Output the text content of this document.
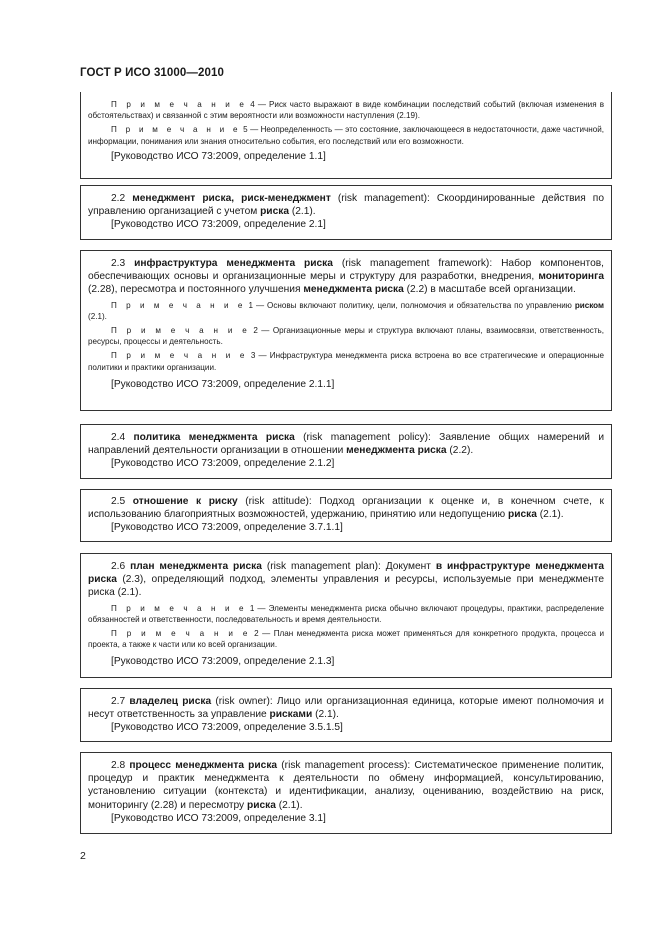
ГОСТ Р ИСО 31000—2010

П р и м е ч а н и е 4 — Риск часто выражают в виде комбинации последствий событий (включая изменения в обстоятельствах) и связанной с этим вероятности или возможности наступления (2.19).

П р и м е ч а н и е 5 — Неопределенность — это состояние, заключающееся в недостаточности, даже частичной, информации, понимания или знания относительно события, его последствий или его возможности.

[Руководство ИСО 73:2009, определение 1.1]

2.2 менеджмент риска, риск-менеджмент (risk management): Скоординированные действия по управлению организацией с учетом риска (2.1).

[Руководство ИСО 73:2009, определение 2.1]

2.3 инфраструктура менеджмента риска (risk management framework): Набор компонентов, обеспечивающих основы и организационные меры и структуру для разработки, внедрения, мониторинга (2.28), пересмотра и постоянного улучшения менеджмента риска (2.2) в масштабе всей организации.

П р и м е ч а н и е 1 — Основы включают политику, цели, полномочия и обязательства по управлению риском (2.1).

П р и м е ч а н и е 2 — Организационные меры и структура включают планы, взаимосвязи, ответственность, ресурсы, процессы и деятельность.

П р и м е ч а н и е 3 — Инфраструктура менеджмента риска встроена во все стратегические и операционные политики и практики организации.

[Руководство ИСО 73:2009, определение 2.1.1]

2.4 политика менеджмента риска (risk management policy): Заявление общих намерений и направлений деятельности организации в отношении менеджмента риска (2.2).

[Руководство ИСО 73:2009, определение 2.1.2]

2.5 отношение к риску (risk attitude): Подход организации к оценке и, в конечном счете, к использованию благоприятных возможностей, удержанию, принятию или недопущению риска (2.1).

[Руководство ИСО 73:2009, определение 3.7.1.1]

2.6 план менеджмента риска (risk management plan): Документ в инфраструктуре менеджмента риска (2.3), определяющий подход, элементы управления и ресурсы, используемые при менеджменте риска (2.1).

П р и м е ч а н и е 1 — Элементы менеджмента риска обычно включают процедуры, практики, распределение обязанностей и ответственности, последовательность и время деятельности.

П р и м е ч а н и е 2 — План менеджмента риска может применяться для конкретного продукта, процесса и проекта, а также к части или ко всей организации.

[Руководство ИСО 73:2009, определение 2.1.3]

2.7 владелец риска (risk owner): Лицо или организационная единица, которые имеют полномочия и несут ответственность за управление рисками (2.1).

[Руководство ИСО 73:2009, определение 3.5.1.5]

2.8 процесс менеджмента риска (risk management process): Систематическое применение политик, процедур и практик менеджмента к деятельности по обмену информацией, консультированию, установлению ситуации (контекста) и идентификации, анализу, оцениванию, воздействию на риск, мониторингу (2.28) и пересмотру риска (2.1).

[Руководство ИСО 73:2009, определение 3.1]

2
